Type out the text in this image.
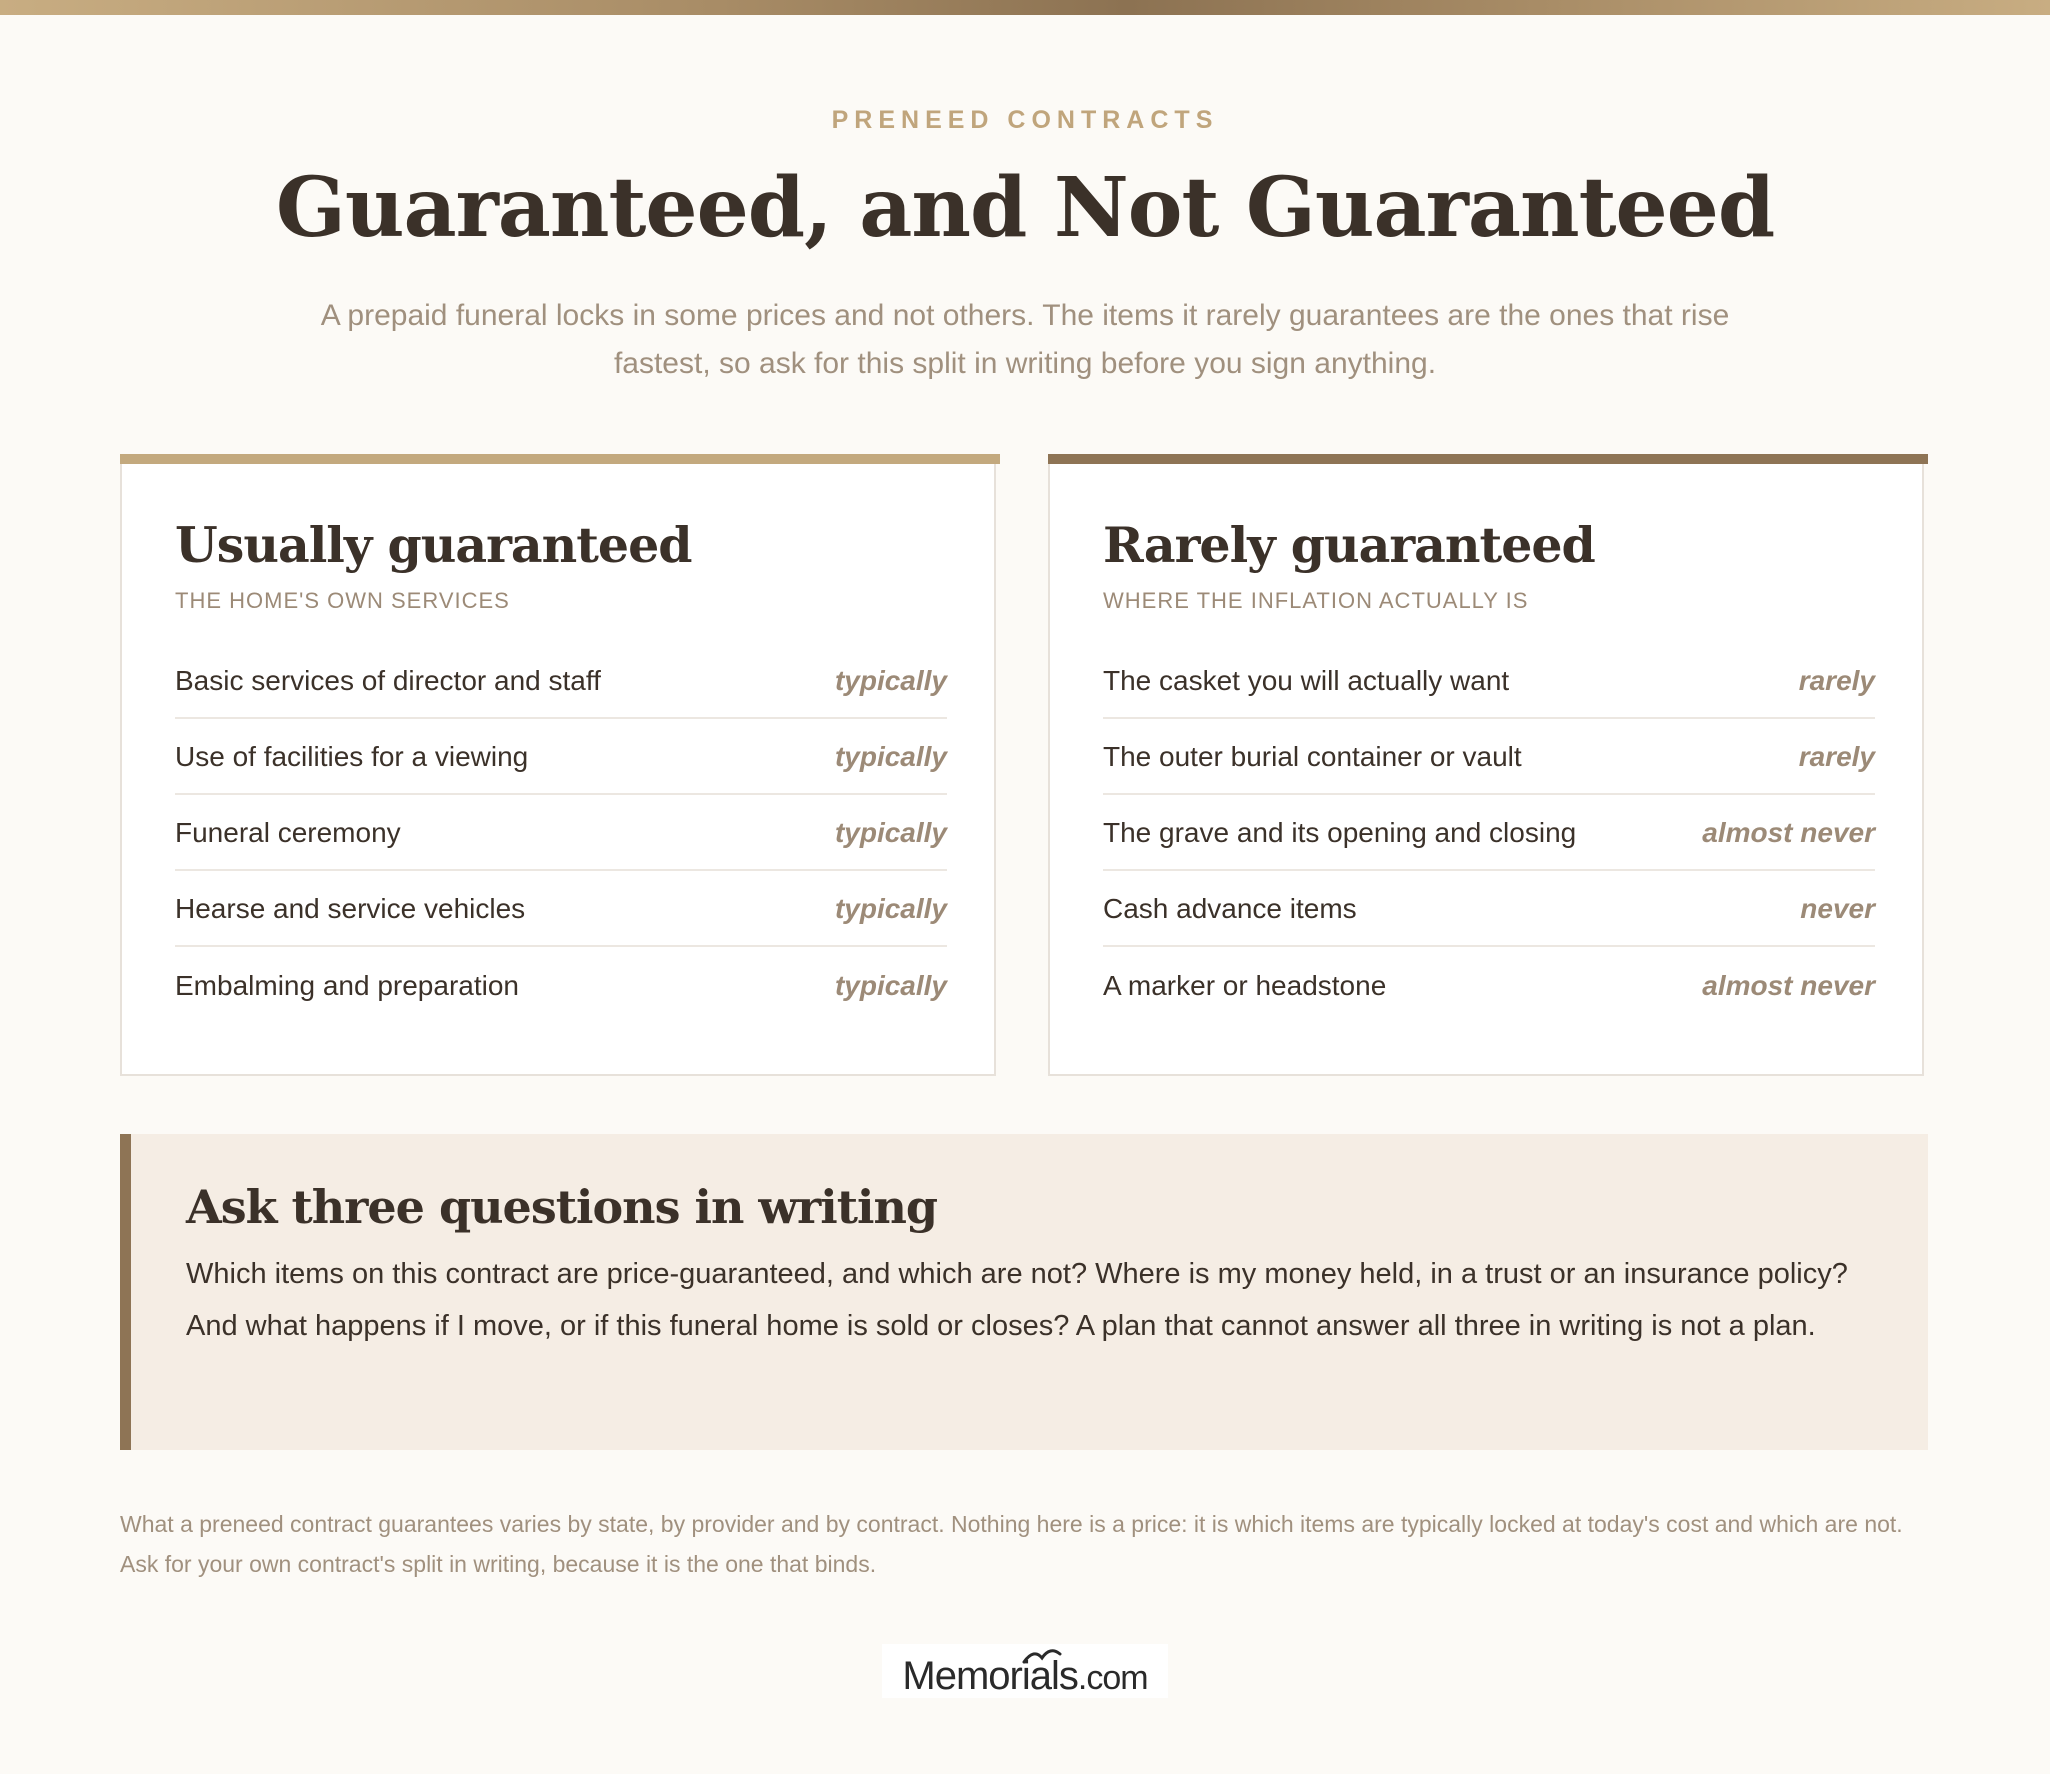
PRENEED CONTRACTS
Guaranteed, and Not Guaranteed
A prepaid funeral locks in some prices and not others. The items it rarely guarantees are the ones that rise fastest, so ask for this split in writing before you sign anything.
Usually guaranteed
THE HOME'S OWN SERVICES
Basic services of director and staff	typically
Use of facilities for a viewing	typically
Funeral ceremony	typically
Hearse and service vehicles	typically
Embalming and preparation	typically
Rarely guaranteed
WHERE THE INFLATION ACTUALLY IS
The casket you will actually want	rarely
The outer burial container or vault	rarely
The grave and its opening and closing	almost never
Cash advance items	never
A marker or headstone	almost never
Ask three questions in writing
Which items on this contract are price-guaranteed, and which are not? Where is my money held, in a trust or an insurance policy? And what happens if I move, or if this funeral home is sold or closes? A plan that cannot answer all three in writing is not a plan.
What a preneed contract guarantees varies by state, by provider and by contract. Nothing here is a price: it is which items are typically locked at today's cost and which are not. Ask for your own contract's split in writing, because it is the one that binds.
Memorials.com
